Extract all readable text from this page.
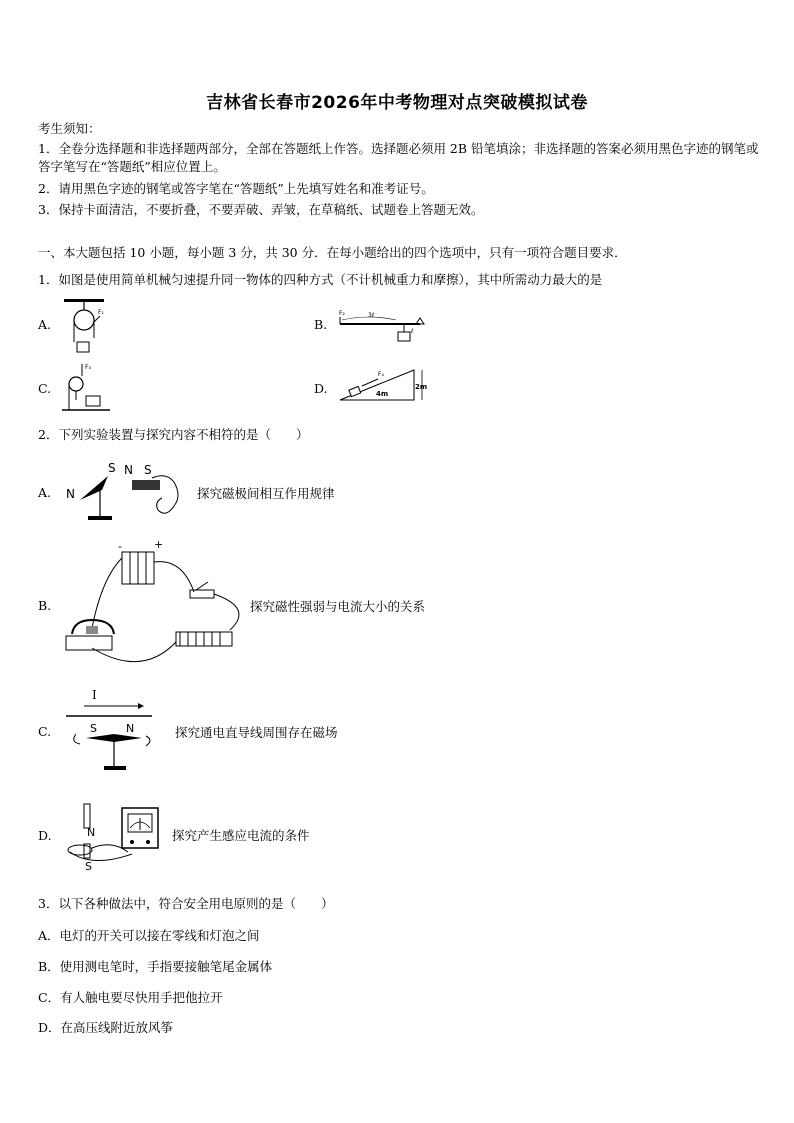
吉林省长春市2026年中考物理对点突破模拟试卷
考生须知：
1．全卷分选择题和非选择题两部分，全部在答题纸上作答。选择题必须用 2B 铅笔填涂；非选择题的答案必须用黑色字迹的钢笔或答字笔写在“答题纸”相应位置上。
2．请用黑色字迹的钢笔或答字笔在“答题纸”上先填写姓名和准考证号。
3．保持卡面清洁，不要折叠，不要弄破、弄皱，在草稿纸、试题卷上答题无效。
一、本大题包括 10 小题，每小题 3 分，共 30 分．在每小题给出的四个选项中，只有一项符合题目要求．
1．如图是使用简单机械匀速提升同一物体的四种方式（不计机械重力和摩擦），其中所需动力最大的是
A.	B.
C.	D.
F₁	F₂	3ℓ
ℓ
F₃
F₄
4m
2m
2．下列实验装置与探究内容不相符的是（　　）
A.	探究磁极间相互作用规律
N
S N S
B.	探究磁性强弱与电流大小的关系
-	+
I
C.	探究通电直导线周围存在磁场
S	N
D.	探究产生感应电流的条件
N
S
3．以下各种做法中，符合安全用电原则的是（　　）
A．电灯的开关可以接在零线和灯泡之间
B．使用测电笔时，手指要接触笔尾金属体
C．有人触电要尽快用手把他拉开
D．在高压线附近放风筝
